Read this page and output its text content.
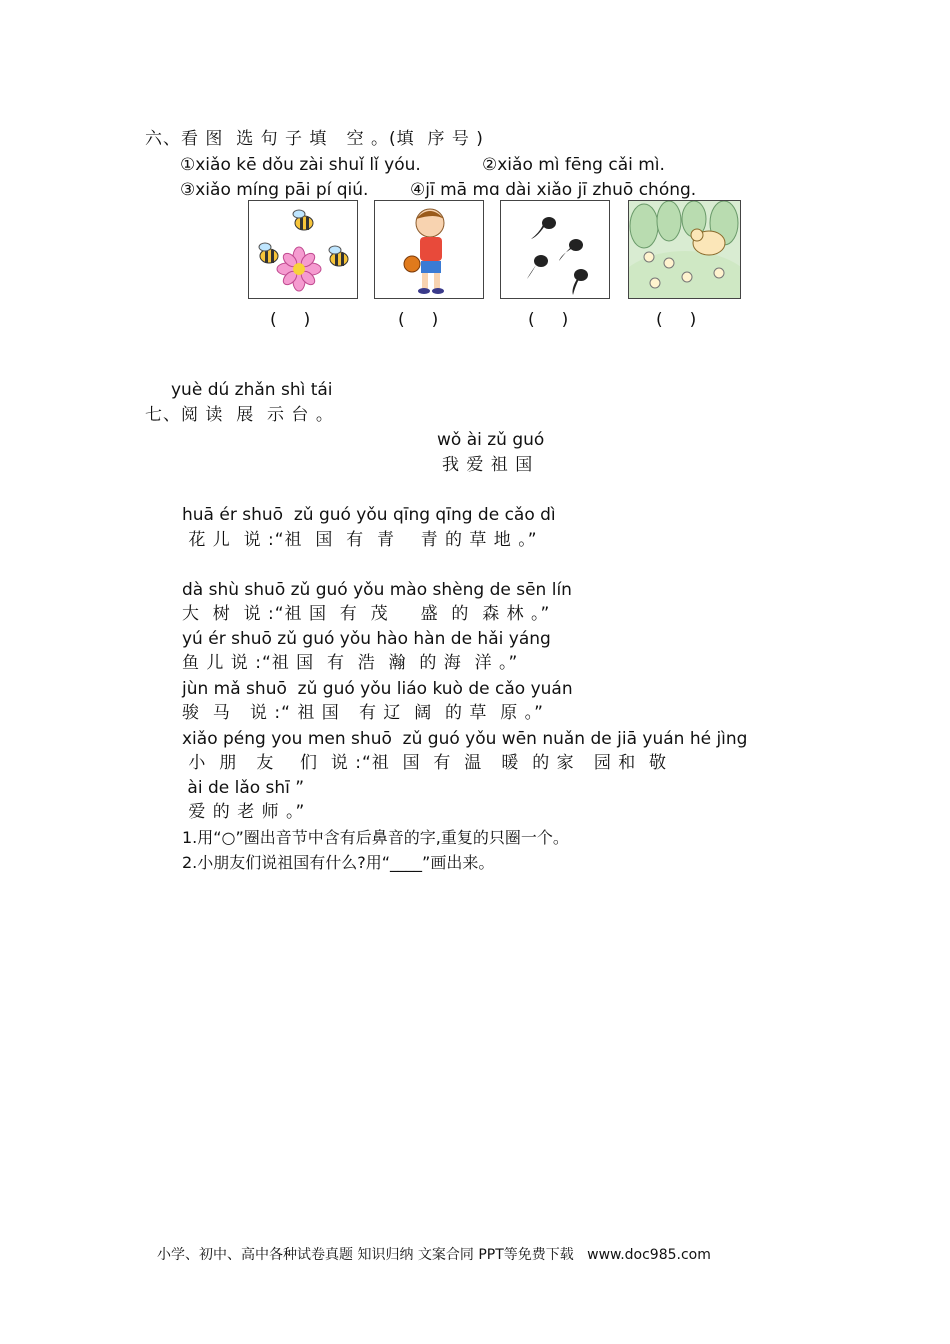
六、看 图  选 句 子 填   空 。(填  序 号 )
①xiǎo kē dǒu zài shuǐ lǐ yóu.	②xiǎo mì fēng cǎi mì.
③xiǎo míng pāi pí qiú. ④jī mā mɑ dài xiǎo jī zhuō chóng.
(     )	(     )	(     )	(     )
yuè dú zhǎn shì tái
七、阅 读  展  示 台 。
wǒ ài zǔ guó
我 爱 祖 国
huā ér shuō  zǔ guó yǒu qīng qīng de cǎo dì
花 儿  说 :“祖  国  有  青    青 的 草 地 。”
dà shù shuō zǔ guó yǒu mào shèng de sēn lín
大  树  说 :“祖 国  有  茂     盛  的  森 林 。”
yú ér shuō zǔ guó yǒu hào hàn de hǎi yáng
鱼 儿 说 :“祖 国  有  浩  瀚  的 海  洋 。”
jùn mǎ shuō  zǔ guó yǒu liáo kuò de cǎo yuán
骏  马   说 :“ 祖 国   有 辽  阔  的 草  原 。”
xiǎo péng you men shuō  zǔ guó yǒu wēn nuǎn de jiā yuán hé jìng
小  朋   友    们  说 :“祖  国  有  温   暖  的 家   园 和  敬
ài de lǎo shī ”
爱 的 老 师 。”
1.用“○”圈出音节中含有后鼻音的字,重复的只圈一个。
2.小朋友们说祖国有什么?用“____”画出来。
小学、初中、高中各种试卷真题 知识归纳 文案合同 PPT等免费下载   www.doc985.com
